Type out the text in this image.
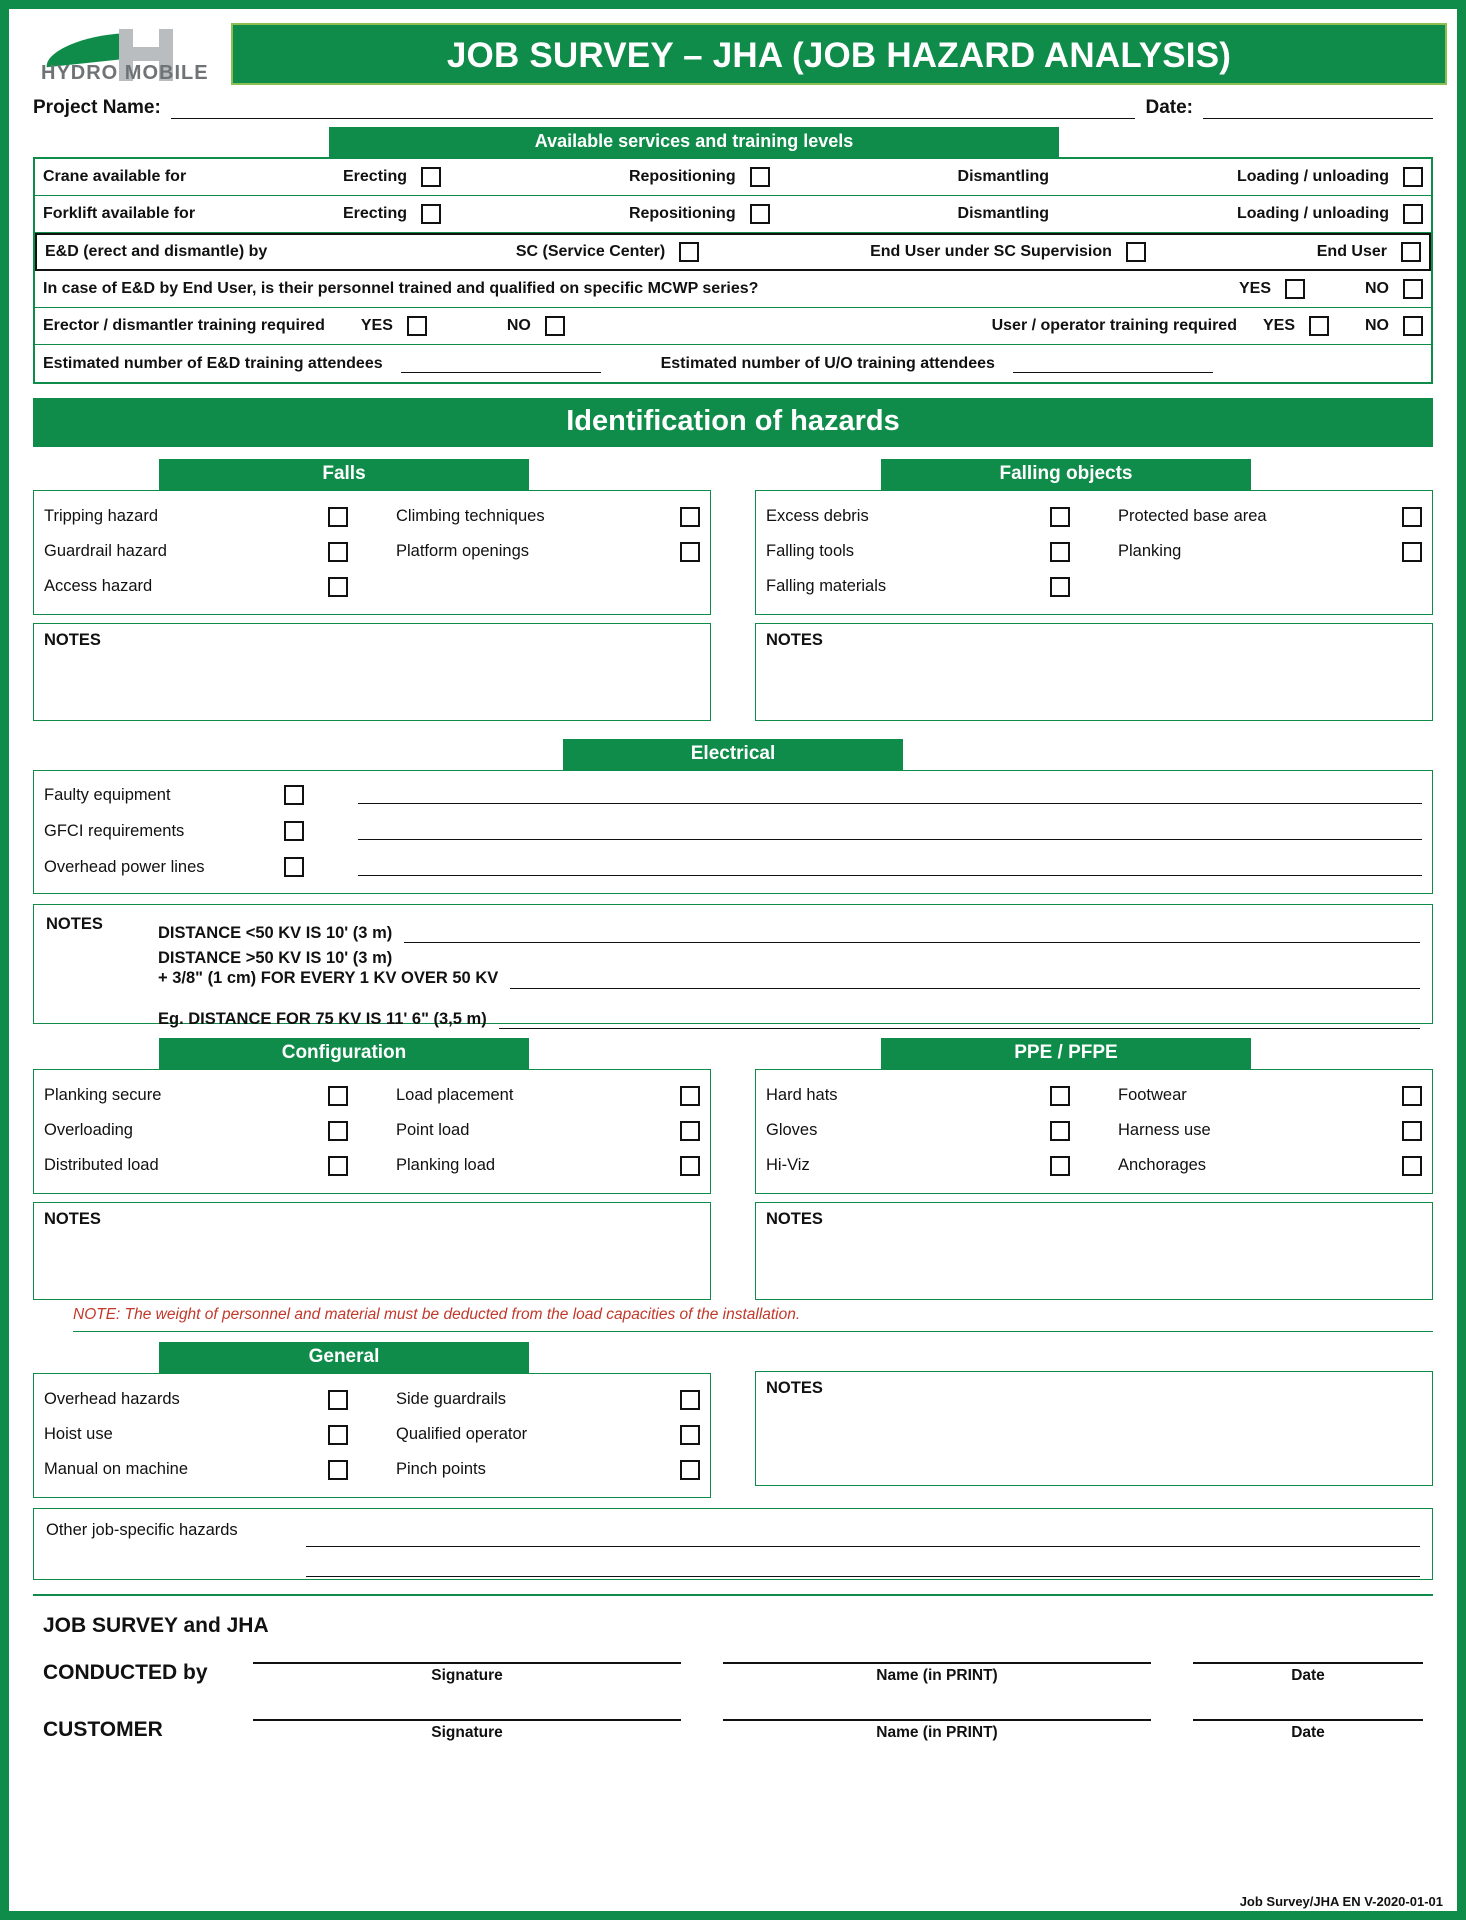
HYDRO MOBILE	JOB SURVEY – JHA (JOB HAZARD ANALYSIS)
Project Name:	Date:
Available services and training levels
Crane available for	Erecting	Repositioning	Dismantling	Loading / unloading
Forklift available for	Erecting	Repositioning	Dismantling	Loading / unloading
E&D (erect and dismantle) by	SC (Service Center)	End User under SC Supervision	End User
In case of E&D by End User, is their personnel trained and qualified on specific MCWP series?	YES	NO
Erector / dismantler training required YES	NO	User / operator training required YES	NO
Estimated number of E&D training attendees	Estimated number of U/O training attendees
Identification of hazards
Falls
Tripping hazard
Guardrail hazard
Access hazard
Climbing techniques
Platform openings
NOTES
Falling objects
Excess debris
Falling tools
Falling materials
Protected base area
Planking
NOTES
Electrical
Faulty equipment
GFCI requirements
Overhead power lines
NOTES	DISTANCE <50 KV IS 10' (3 m)
DISTANCE >50 KV IS 10' (3 m)
+ 3/8" (1 cm) FOR EVERY 1 KV OVER 50 KV
Eg. DISTANCE FOR 75 KV IS 11' 6" (3,5 m)
Configuration
Planking secure
Overloading
Distributed load
Load placement
Point load
Planking load
NOTES
PPE / PFPE
Hard hats
Gloves
Hi-Viz
Footwear
Harness use
Anchorages
NOTES
NOTE: The weight of personnel and material must be deducted from the load capacities of the installation.
General
Overhead hazards
Hoist use
Manual on machine
Side guardrails
Qualified operator
Pinch points
NOTES
Other job-specific hazards
JOB SURVEY and JHA
CONDUCTED by	Signature	Name (in PRINT)	Date
CUSTOMER	Signature	Name (in PRINT)	Date
Job Survey/JHA EN V-2020-01-01
